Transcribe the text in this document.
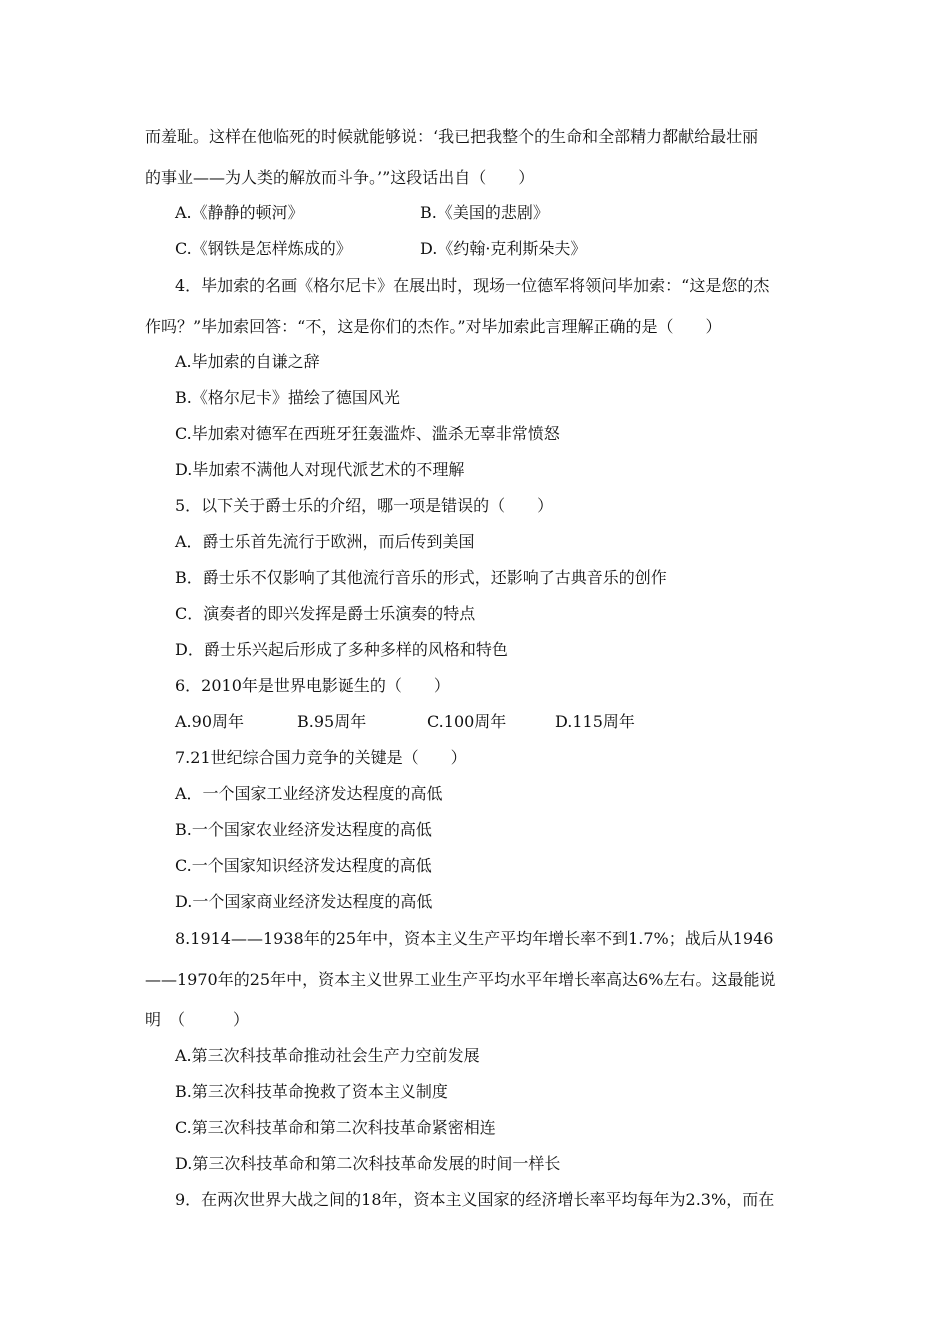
而羞耻。这样在他临死的时候就能够说：‘我已把我整个的生命和全部精力都献给最壮丽
的事业——为人类的解放而斗争。’”这段话出自（　　）
A.《静静的顿河》	B.《美国的悲剧》
C.《钢铁是怎样炼成的》	D.《约翰·克利斯朵夫》
4．毕加索的名画《格尔尼卡》在展出时，现场一位德军将领问毕加索：“这是您的杰
作吗？”毕加索回答：“不，这是你们的杰作。”对毕加索此言理解正确的是（　　）
A.毕加索的自谦之辞
B.《格尔尼卡》描绘了德国风光
C.毕加索对德军在西班牙狂轰滥炸、滥杀无辜非常愤怒
D.毕加索不满他人对现代派艺术的不理解
5．以下关于爵士乐的介绍，哪一项是错误的（　　）
A．爵士乐首先流行于欧洲，而后传到美国
B．爵士乐不仅影响了其他流行音乐的形式，还影响了古典音乐的创作
C．演奏者的即兴发挥是爵士乐演奏的特点
D．爵士乐兴起后形成了多种多样的风格和特色
6．2010年是世界电影诞生的（　　）
A.90周年	B.95周年	C.100周年	D.115周年
7.21世纪综合国力竞争的关键是（　　）
A．一个国家工业经济发达程度的高低
B.一个国家农业经济发达程度的高低
C.一个国家知识经济发达程度的高低
D.一个国家商业经济发达程度的高低
8.1914——1938年的25年中，资本主义生产平均年增长率不到1.7%；战后从1946
——1970年的25年中，资本主义世界工业生产平均水平年增长率高达6%左右。这最能说
明　（　　　）
A.第三次科技革命推动社会生产力空前发展
B.第三次科技革命挽救了资本主义制度
C.第三次科技革命和第二次科技革命紧密相连
D.第三次科技革命和第二次科技革命发展的时间一样长
9．在两次世界大战之间的18年，资本主义国家的经济增长率平均每年为2.3%，而在
